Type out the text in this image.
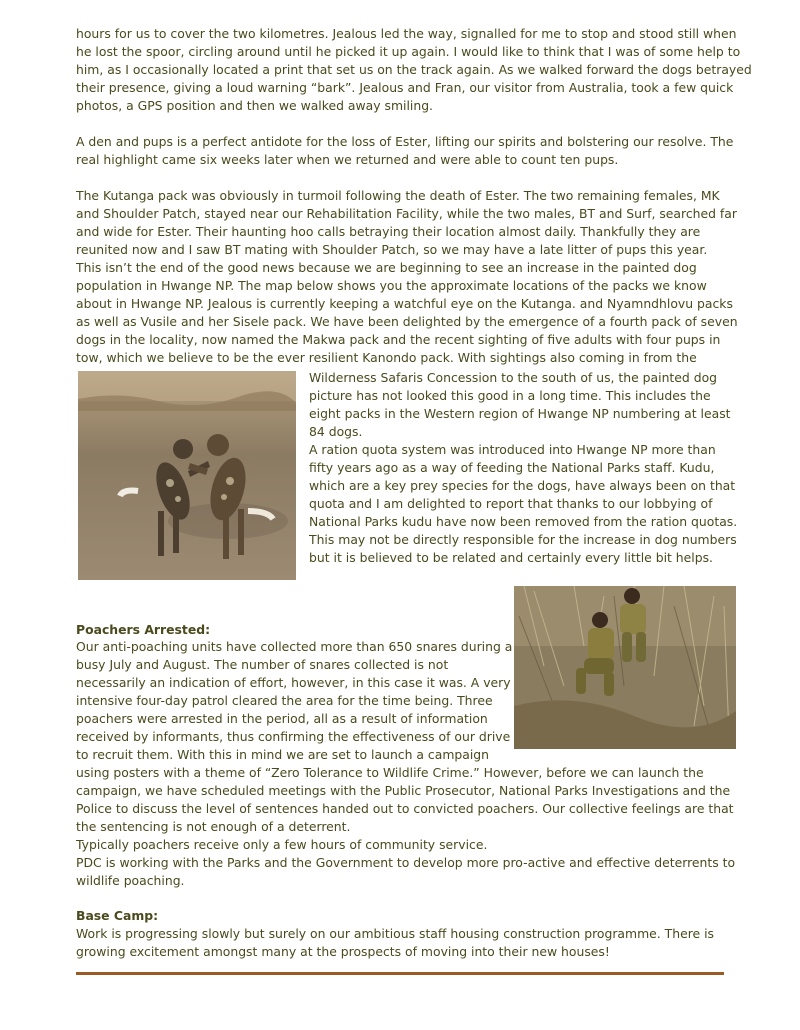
hours for us to cover the two kilometres. Jealous led the way, signalled for me to stop and stood still when
he lost the spoor, circling around until he picked it up again. I would like to think that I was of some help to
him, as I occasionally located a print that set us on the track again. As we walked forward the dogs betrayed
their presence, giving a loud warning “bark”. Jealous and Fran, our visitor from Australia, took a few quick
photos, a GPS position and then we walked away smiling.
A den and pups is a perfect antidote for the loss of Ester, lifting our spirits and bolstering our resolve. The
real highlight came six weeks later when we returned and were able to count ten pups.
The Kutanga pack was obviously in turmoil following the death of Ester. The two remaining females, MK
and Shoulder Patch, stayed near our Rehabilitation Facility, while the two males, BT and Surf, searched far
and wide for Ester. Their haunting hoo calls betraying their location almost daily. Thankfully they are
reunited now and I saw BT mating with Shoulder Patch, so we may have a late litter of pups this year.
This isn’t the end of the good news because we are beginning to see an increase in the painted dog
population in Hwange NP. The map below shows you the approximate locations of the packs we know
about in Hwange NP. Jealous is currently keeping a watchful eye on the Kutanga. and Nyamndhlovu packs
as well as Vusile and her Sisele pack. We have been delighted by the emergence of a fourth pack of seven
dogs in the locality, now named the Makwa pack and the recent sighting of five adults with four pups in
tow, which we believe to be the ever resilient Kanondo pack. With sightings also coming in from the
Wilderness Safaris Concession to the south of us, the painted dog
picture has not looked this good in a long time. This includes the
eight packs in the Western region of Hwange NP numbering at least
84 dogs.
A ration quota system was introduced into Hwange NP more than
fifty years ago as a way of feeding the National Parks staff. Kudu,
which are a key prey species for the dogs, have always been on that
quota and I am delighted to report that thanks to our lobbying of
National Parks kudu have now been removed from the ration quotas.
This may not be directly responsible for the increase in dog numbers
but it is believed to be related and certainly every little bit helps.
Poachers Arrested:
Our anti-poaching units have collected more than 650 snares during a
busy July and August. The number of snares collected is not
necessarily an indication of effort, however, in this case it was. A very
intensive four-day patrol cleared the area for the time being. Three
poachers were arrested in the period, all as a result of information
received by informants, thus confirming the effectiveness of our drive
to recruit them. With this in mind we are set to launch a campaign
using posters with a theme of “Zero Tolerance to Wildlife Crime.” However, before we can launch the
campaign, we have scheduled meetings with the Public Prosecutor, National Parks Investigations and the
Police to discuss the level of sentences handed out to convicted poachers. Our collective feelings are that
the sentencing is not enough of a deterrent.
Typically poachers receive only a few hours of community service.
PDC is working with the Parks and the Government to develop more pro-active and effective deterrents to
wildlife poaching.
Base Camp:
Work is progressing slowly but surely on our ambitious staff housing construction programme. There is
growing excitement amongst many at the prospects of moving into their new houses!
